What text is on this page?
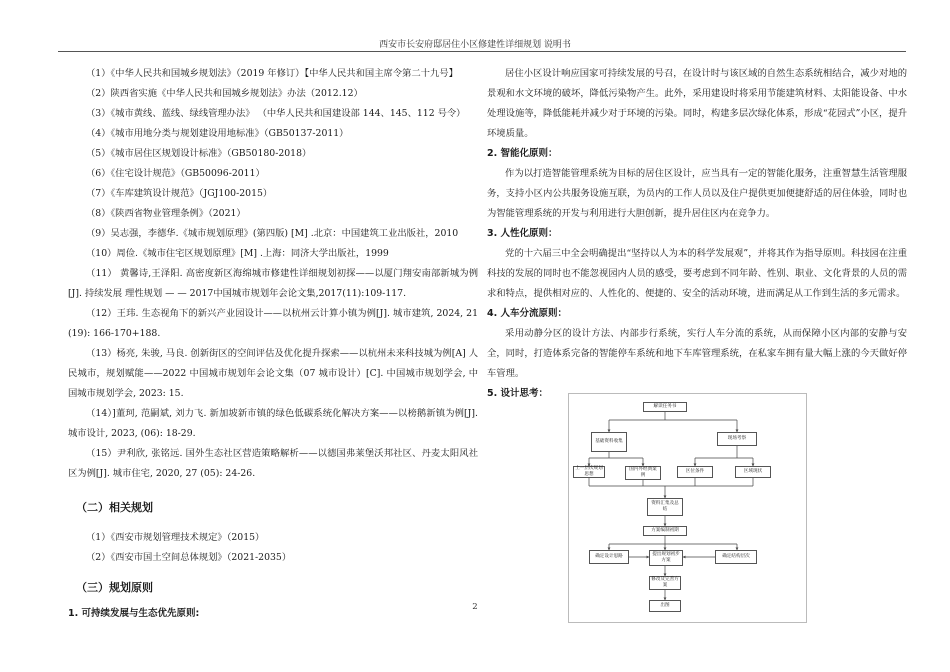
西安市长安府邸居住小区修建性详细规划 说明书

（1）《中华人民共和国城乡规划法》（2019 年修订）【中华人民共和国主席令第二十九号】

（2）陕西省实施《中华人民共和国城乡规划法》办法（2012.12）

（3）《城市黄线、蓝线、绿线管理办法》 （中华人民共和国建设部 144、145、112 号令）

（4）《城市用地分类与规划建设用地标准》（GB50137-2011）

（5）《城市居住区规划设计标准》（GB50180-2018）

（6）《住宅设计规范》（GB50096-2011）

（7）《车库建筑设计规范》（JGJ100-2015）

（8）《陕西省物业管理条例》（2021）

（9）吴志强，李德华.《城市规划原理》(第四版) [M] .北京：中国建筑工业出版社，2010

（10）周俭.《城市住宅区规划原理》[M] .上海：同济大学出版社，1999

（11） 黄馨诗,王泽阳. 高密度新区海绵城市修建性详细规划初探——以厦门翔安南部新城为例[J]. 持续发展 理性规划 — — 2017中国城市规划年会论文集,2017(11):109-117.

（12）王玮. 生态视角下的新兴产业园设计——以杭州云计算小镇为例[J]. 城市建筑, 2024, 21 (19): 166-170+188.

（13）杨亮, 朱骏, 马良. 创新街区的空间评估及优化提升探索——以杭州未来科技城为例[A] 人民城市，规划赋能——2022 中国城市规划年会论文集（07 城市设计）[C]. 中国城市规划学会, 中国城市规划学会, 2023: 15.

（14）]董珂, 范嗣斌, 刘力飞. 新加坡新市镇的绿色低碳系统化解决方案——以榜鹅新镇为例[J]. 城市设计, 2023, (06): 18-29.

（15）尹利欣, 张铭远. 国外生态社区营造策略解析——以德国弗莱堡沃邦社区、丹麦太阳风社区为例[J]. 城市住宅, 2020, 27 (05): 24-26.

（二）相关规划

（1）《西安市规划管理技术规定》（2015）

（2）《西安市国土空间总体规划》（2021-2035）

（三）规划原则

1. 可持续发展与生态优先原则:

居住小区设计响应国家可持续发展的号召，在设计时与该区域的自然生态系统相结合，减少对地的景观和水文环境的破坏，降低污染物产生。此外，采用建设时将采用节能建筑材料、太阳能设备、中水处理设施等，降低能耗并减少对于环境的污染。同时，构建多层次绿化体系，形成“花园式”小区，提升环境质量。

2. 智能化原则：

作为以打造智能管理系统为目标的居住区设计，应当具有一定的智能化服务，注重智慧生活管理服务，支持小区内公共服务设施互联，为员内的工作人员以及住户提供更加便捷舒适的居住体验，同时也为智能管理系统的开发与利用进行大胆创新，提升居住区内在竞争力。

3. 人性化原则：

党的十六届三中全会明确提出“坚持以人为本的科学发展观”，并将其作为指导原则。科技园在注重科技的发展的同时也不能忽视园内人员的感受，要考虑到不同年龄、性别、职业、文化背景的人员的需求和特点，提供相对应的、人性化的、便捷的、安全的活动环境，进而满足从工作到生活的多元需求。

4. 人车分流原则：

采用动静分区的设计方法、内部步行系统，实行人车分流的系统，从而保障小区内部的安静与安全，同时，打造体系完备的智能停车系统和地下车库管理系统，在私家车拥有量大幅上涨的今天做好停车管理。

5. 设计思考：

解读任务书
基础资料收集
现场考察
上一层次规划思想
国内外经典案例
区位条件	区域现状
资料汇集及总结
方案编制初期
确定设计思路	提出规划初步方案
确定结构层次
修改及完善方案
出图
2
